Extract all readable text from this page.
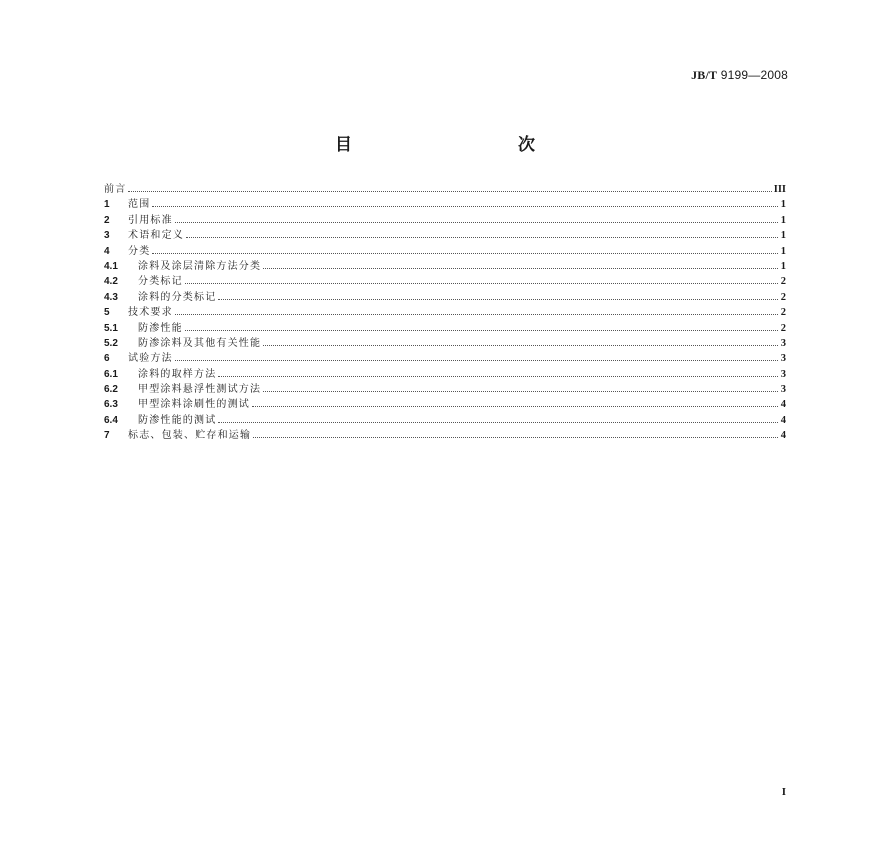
JB/T 9199—2008
目　　次
前言	III
1	范围	1
2	引用标准	1
3	术语和定义	1
4	分类	1
4.1	涂料及涂层清除方法分类	1
4.2	分类标记	2
4.3	涂料的分类标记	2
5	技术要求	2
5.1	防渗性能	2
5.2	防渗涂料及其他有关性能	3
6	试验方法	3
6.1	涂料的取样方法	3
6.2	甲型涂料悬浮性测试方法	3
6.3	甲型涂料涂刷性的测试	4
6.4	防渗性能的测试	4
7	标志、包装、贮存和运输	4
I
